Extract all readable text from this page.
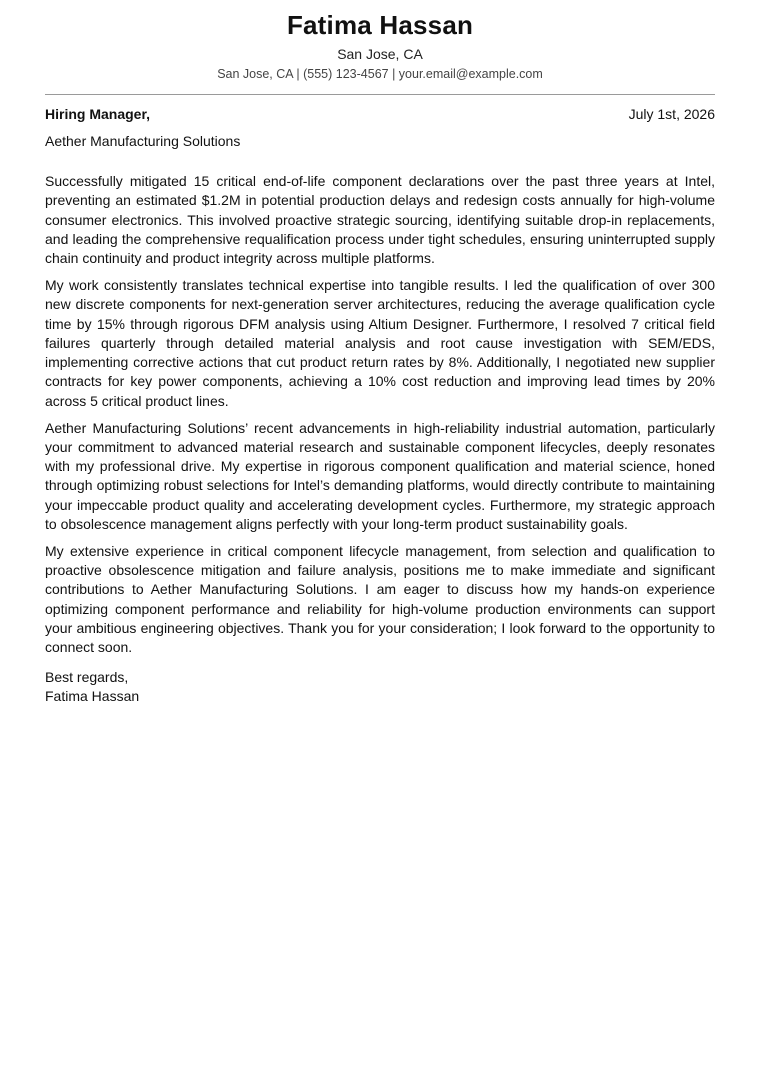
Fatima Hassan
San Jose, CA
San Jose, CA | (555) 123-4567 | your.email@example.com
Hiring Manager,	July 1st, 2026
Aether Manufacturing Solutions

Successfully mitigated 15 critical end-of-life component declarations over the past three years at Intel, preventing an estimated $1.2M in potential production delays and redesign costs annually for high-volume consumer electronics. This involved proactive strategic sourcing, identifying suitable drop-in replacements, and leading the comprehensive requalification process under tight schedules, ensuring uninterrupted supply chain continuity and product integrity across multiple platforms.

My work consistently translates technical expertise into tangible results. I led the qualification of over 300 new discrete components for next-generation server architectures, reducing the average qualification cycle time by 15% through rigorous DFM analysis using Altium Designer. Furthermore, I resolved 7 critical field failures quarterly through detailed material analysis and root cause investigation with SEM/EDS, implementing corrective actions that cut product return rates by 8%. Additionally, I negotiated new supplier contracts for key power components, achieving a 10% cost reduction and improving lead times by 20% across 5 critical product lines.

Aether Manufacturing Solutions’ recent advancements in high-reliability industrial automation, particularly your commitment to advanced material research and sustainable component lifecycles, deeply resonates with my professional drive. My expertise in rigorous component qualification and material science, honed through optimizing robust selections for Intel’s demanding platforms, would directly contribute to maintaining your impeccable product quality and accelerating development cycles. Furthermore, my strategic approach to obsolescence management aligns perfectly with your long-term product sustainability goals.

My extensive experience in critical component lifecycle management, from selection and qualification to proactive obsolescence mitigation and failure analysis, positions me to make immediate and significant contributions to Aether Manufacturing Solutions. I am eager to discuss how my hands-on experience optimizing component performance and reliability for high-volume production environments can support your ambitious engineering objectives. Thank you for your consideration; I look forward to the opportunity to connect soon.

Best regards,
Fatima Hassan
